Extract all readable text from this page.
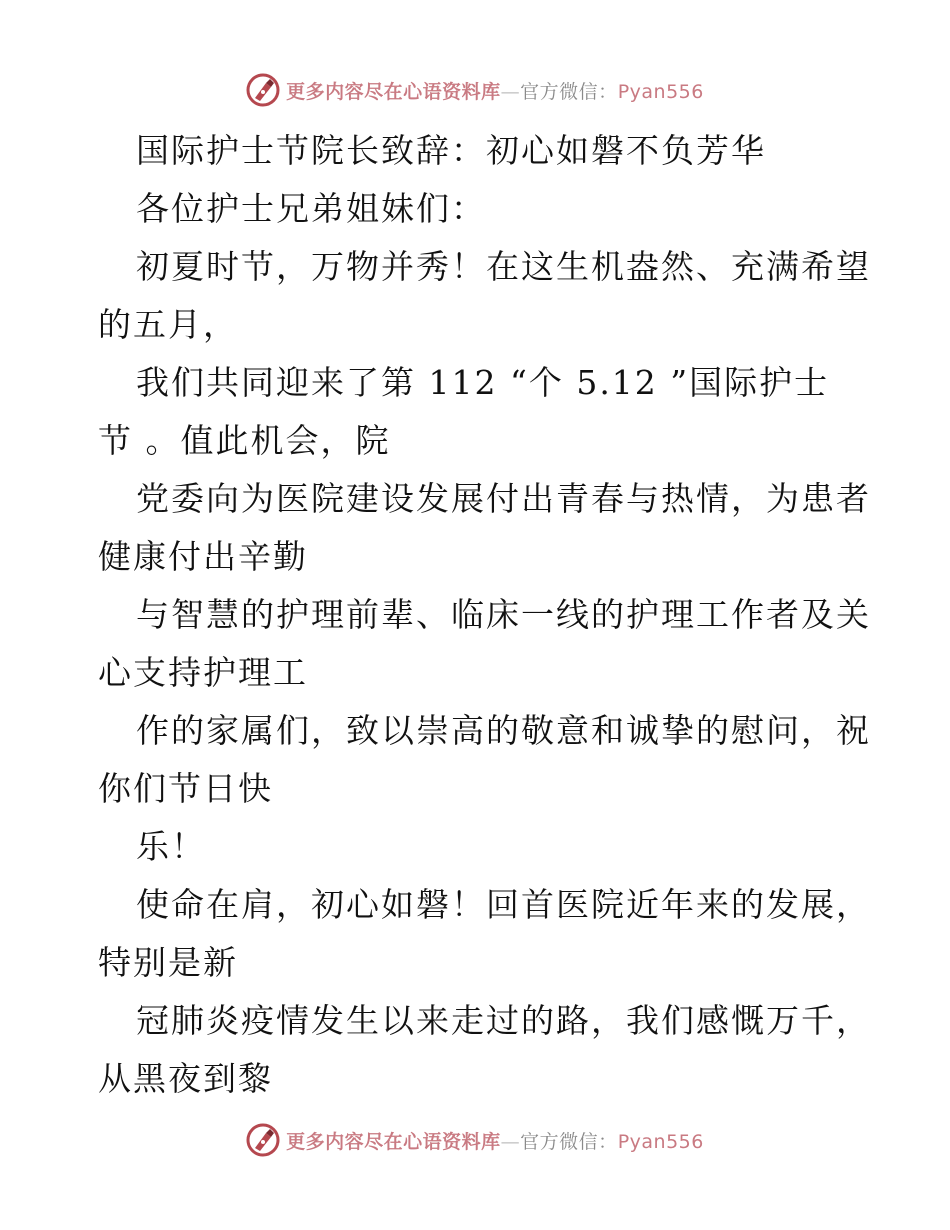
更多内容尽在心语资料库—官方微信：Pyan556

国际护士节院长致辞：初心如磐不负芳华

各位护士兄弟姐妹们：

初夏时节，万物并秀！在这生机盎然、充满希望

的五月，

我们共同迎来了第 112 “个 5.12 ”国际护士

节 。值此机会，院

党委向为医院建设发展付出青春与热情，为患者

健康付出辛勤

与智慧的护理前辈、临床一线的护理工作者及关

心支持护理工

作的家属们，致以崇高的敬意和诚挚的慰问，祝

你们节日快

乐！

使命在肩，初心如磐！回首医院近年来的发展，

特别是新

冠肺炎疫情发生以来走过的路，我们感慨万千，

从黑夜到黎

更多内容尽在心语资料库—官方微信：Pyan556
